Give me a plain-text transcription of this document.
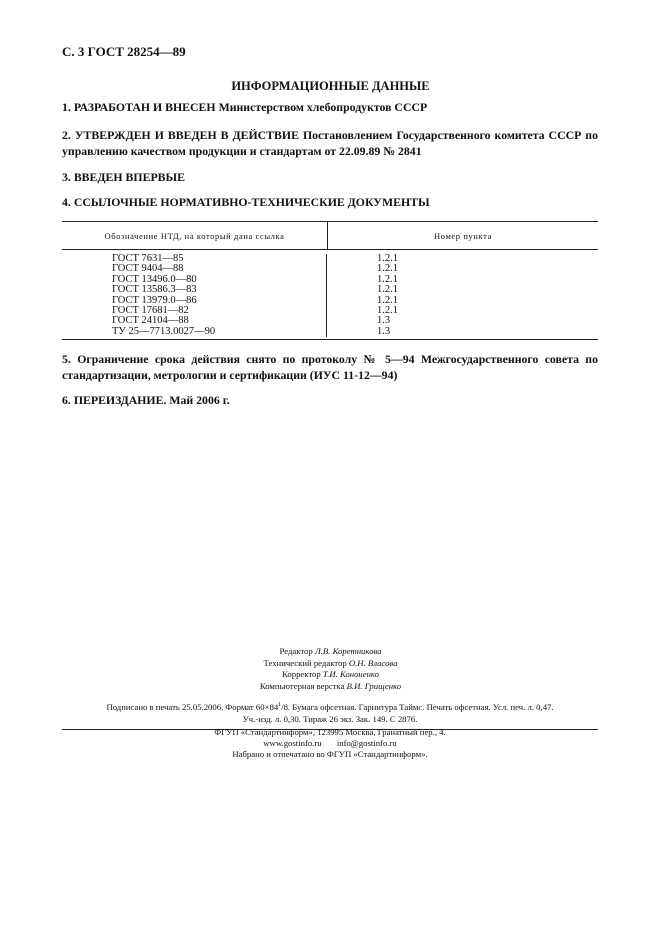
С. 3 ГОСТ 28254—89
ИНФОРМАЦИОННЫЕ ДАННЫЕ
1. РАЗРАБОТАН И ВНЕСЕН Министерством хлебопродуктов СССР
2. УТВЕРЖДЕН И ВВЕДЕН В ДЕЙСТВИЕ Постановлением Государственного комитета СССР по управлению качеством продукции и стандартам от 22.09.89 № 2841
3. ВВЕДЕН ВПЕРВЫЕ
4. ССЫЛОЧНЫЕ НОРМАТИВНО-ТЕХНИЧЕСКИЕ ДОКУМЕНТЫ
Обозначение НТД, на который дана ссылка	Номер пункта
ГОСТ 7631—85
ГОСТ 9404—88
ГОСТ 13496.0—80
ГОСТ 13586.3—83
ГОСТ 13979.0—86
ГОСТ 17681—82
ГОСТ 24104—88
ТУ 25—7713.0027—90
1.2.1
1.2.1
1.2.1
1.2.1
1.2.1
1.2.1
1.3
1.3
5. Ограничение срока действия снято по протоколу № 5—94 Межгосударственного совета по стандартизации, метрологии и сертификации (ИУС 11-12—94)
6. ПЕРЕИЗДАНИЕ. Май 2006 г.
Редактор Л.В. Коретникова
Технический редактор О.Н. Власова
Корректор Т.И. Кононенко
Компьютерная верстка В.И. Грищенко
Подписано в печать 25.05.2006. Формат $60\times 84^1/8$. Бумага офсетная. Гарнитура Таймс. Печать офсетная. Усл. печ. л. 0,47.
Уч.-изд. л. 0,30. Тираж 26 экз. Зак. 149. С 2876.
ФГУП «Стандартинформ», 123995 Москва, Гранатный пер., 4.
www.gostinfo.ru info@gostinfo.ru
Набрано и отпечатано во ФГУП «Стандартинформ».
